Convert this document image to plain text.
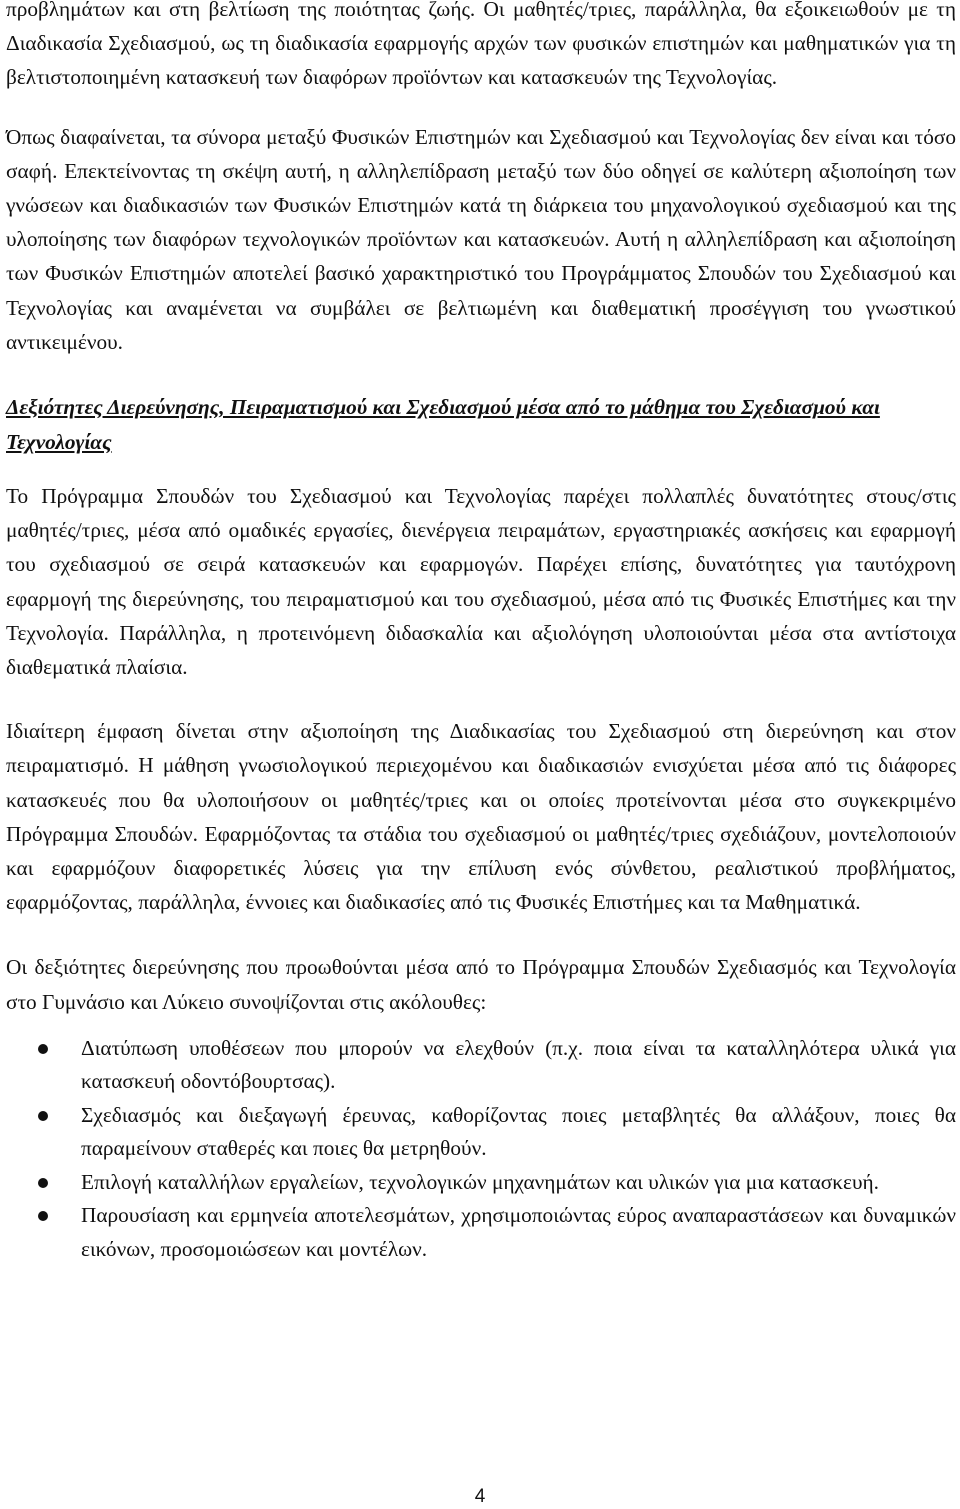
προβλημάτων και στη βελτίωση της ποιότητας ζωής. Οι μαθητές/τριες, παράλληλα, θα εξοικειωθούν με τη Διαδικασία Σχεδιασμού, ως τη διαδικασία εφαρμογής αρχών των φυσικών επιστημών και μαθηματικών για τη βελτιστοποιημένη κατασκευή των διαφόρων προϊόντων και κατασκευών της Τεχνολογίας.

Όπως διαφαίνεται, τα σύνορα μεταξύ Φυσικών Επιστημών και Σχεδιασμού και Τεχνολογίας δεν είναι και τόσο σαφή. Επεκτείνοντας τη σκέψη αυτή, η αλληλεπίδραση μεταξύ των δύο οδηγεί σε καλύτερη αξιοποίηση των γνώσεων και διαδικασιών των Φυσικών Επιστημών κατά τη διάρκεια του μηχανολογικού σχεδιασμού και της υλοποίησης των διαφόρων τεχνολογικών προϊόντων και κατασκευών. Αυτή η αλληλεπίδραση και αξιοποίηση των Φυσικών Επιστημών αποτελεί βασικό χαρακτηριστικό του Προγράμματος Σπουδών του Σχεδιασμού και Τεχνολογίας και αναμένεται να συμβάλει σε βελτιωμένη και διαθεματική προσέγγιση του γνωστικού αντικειμένου.

Δεξιότητες Διερεύνησης, Πειραματισμού και Σχεδιασμού μέσα από το μάθημα του Σχεδιασμού και Τεχνολογίας

Το Πρόγραμμα Σπουδών του Σχεδιασμού και Τεχνολογίας παρέχει πολλαπλές δυνατότητες στους/στις μαθητές/τριες, μέσα από ομαδικές εργασίες, διενέργεια πειραμάτων, εργαστηριακές ασκήσεις και εφαρμογή του σχεδιασμού σε σειρά κατασκευών και εφαρμογών. Παρέχει επίσης, δυνατότητες για ταυτόχρονη εφαρμογή της διερεύνησης, του πειραματισμού και του σχεδιασμού, μέσα από τις Φυσικές Επιστήμες και την Τεχνολογία. Παράλληλα, η προτεινόμενη διδασκαλία και αξιολόγηση υλοποιούνται μέσα στα αντίστοιχα διαθεματικά πλαίσια.

Ιδιαίτερη έμφαση δίνεται στην αξιοποίηση της Διαδικασίας του Σχεδιασμού στη διερεύνηση και στον πειραματισμό. Η μάθηση γνωσιολογικού περιεχομένου και διαδικασιών ενισχύεται μέσα από τις διάφορες κατασκευές που θα υλοποιήσουν οι μαθητές/τριες και οι οποίες προτείνονται μέσα στο συγκεκριμένο Πρόγραμμα Σπουδών. Εφαρμόζοντας τα στάδια του σχεδιασμού οι μαθητές/τριες σχεδιάζουν, μοντελοποιούν και εφαρμόζουν διαφορετικές λύσεις για την επίλυση ενός σύνθετου, ρεαλιστικού προβλήματος, εφαρμόζοντας, παράλληλα, έννοιες και διαδικασίες από τις Φυσικές Επιστήμες και τα Μαθηματικά.

Οι δεξιότητες διερεύνησης που προωθούνται μέσα από το Πρόγραμμα Σπουδών Σχεδιασμός και Τεχνολογία στο Γυμνάσιο και Λύκειο συνοψίζονται στις ακόλουθες:

Διατύπωση υποθέσεων που μπορούν να ελεχθούν (π.χ. ποια είναι τα καταλληλότερα υλικά για κατασκευή οδοντόβουρτσας).
Σχεδιασμός και διεξαγωγή έρευνας, καθορίζοντας ποιες μεταβλητές θα αλλάξουν, ποιες θα παραμείνουν σταθερές και ποιες θα μετρηθούν.
Επιλογή καταλλήλων εργαλείων, τεχνολογικών μηχανημάτων και υλικών για μια κατασκευή.
Παρουσίαση και ερμηνεία αποτελεσμάτων, χρησιμοποιώντας εύρος αναπαραστάσεων και δυναμικών εικόνων, προσομοιώσεων και μοντέλων.
4
